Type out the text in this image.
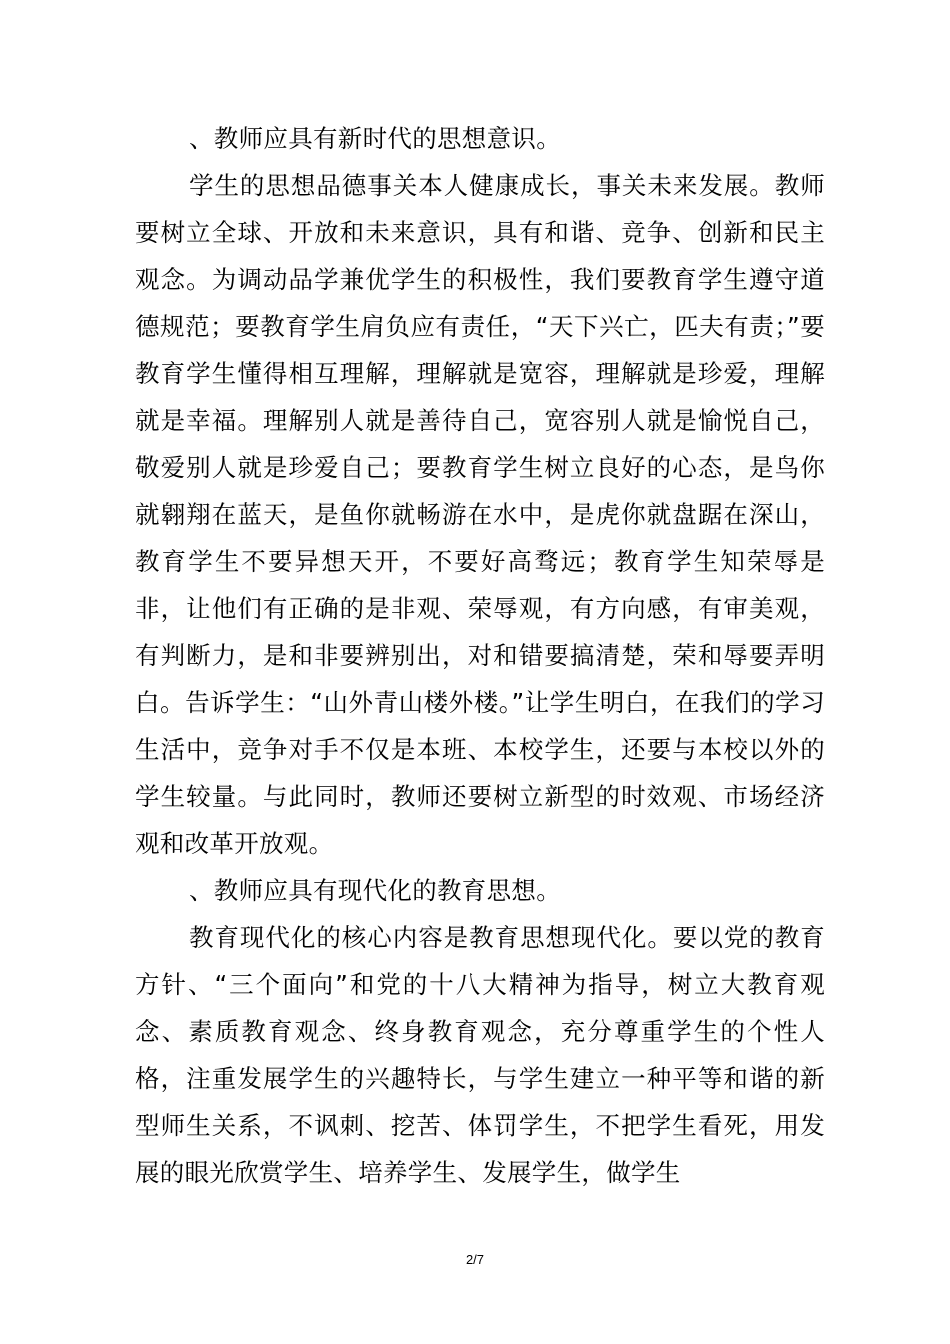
、教师应具有新时代的思想意识。

学生的思想品德事关本人健康成长，事关未来发展。教师要树立全球、开放和未来意识，具有和谐、竞争、创新和民主观念。为调动品学兼优学生的积极性，我们要教育学生遵守道德规范；要教育学生肩负应有责任，“天下兴亡，匹夫有责；”要教育学生懂得相互理解，理解就是宽容，理解就是珍爱，理解就是幸福。理解别人就是善待自己，宽容别人就是愉悦自己，敬爱别人就是珍爱自己；要教育学生树立良好的心态，是鸟你就翱翔在蓝天，是鱼你就畅游在水中，是虎你就盘踞在深山，教育学生不要异想天开，不要好高骛远；教育学生知荣辱是非，让他们有正确的是非观、荣辱观，有方向感，有审美观，有判断力，是和非要辨别出，对和错要搞清楚，荣和辱要弄明白。告诉学生：“山外青山楼外楼。”让学生明白，在我们的学习生活中，竞争对手不仅是本班、本校学生，还要与本校以外的学生较量。与此同时，教师还要树立新型的时效观、市场经济观和改革开放观。

、教师应具有现代化的教育思想。

教育现代化的核心内容是教育思想现代化。要以党的教育方针、“三个面向”和党的十八大精神为指导，树立大教育观念、素质教育观念、终身教育观念，充分尊重学生的个性人格，注重发展学生的兴趣特长，与学生建立一种平等和谐的新型师生关系，不讽刺、挖苦、体罚学生，不把学生看死，用发展的眼光欣赏学生、培养学生、发展学生，做学生

2/7
